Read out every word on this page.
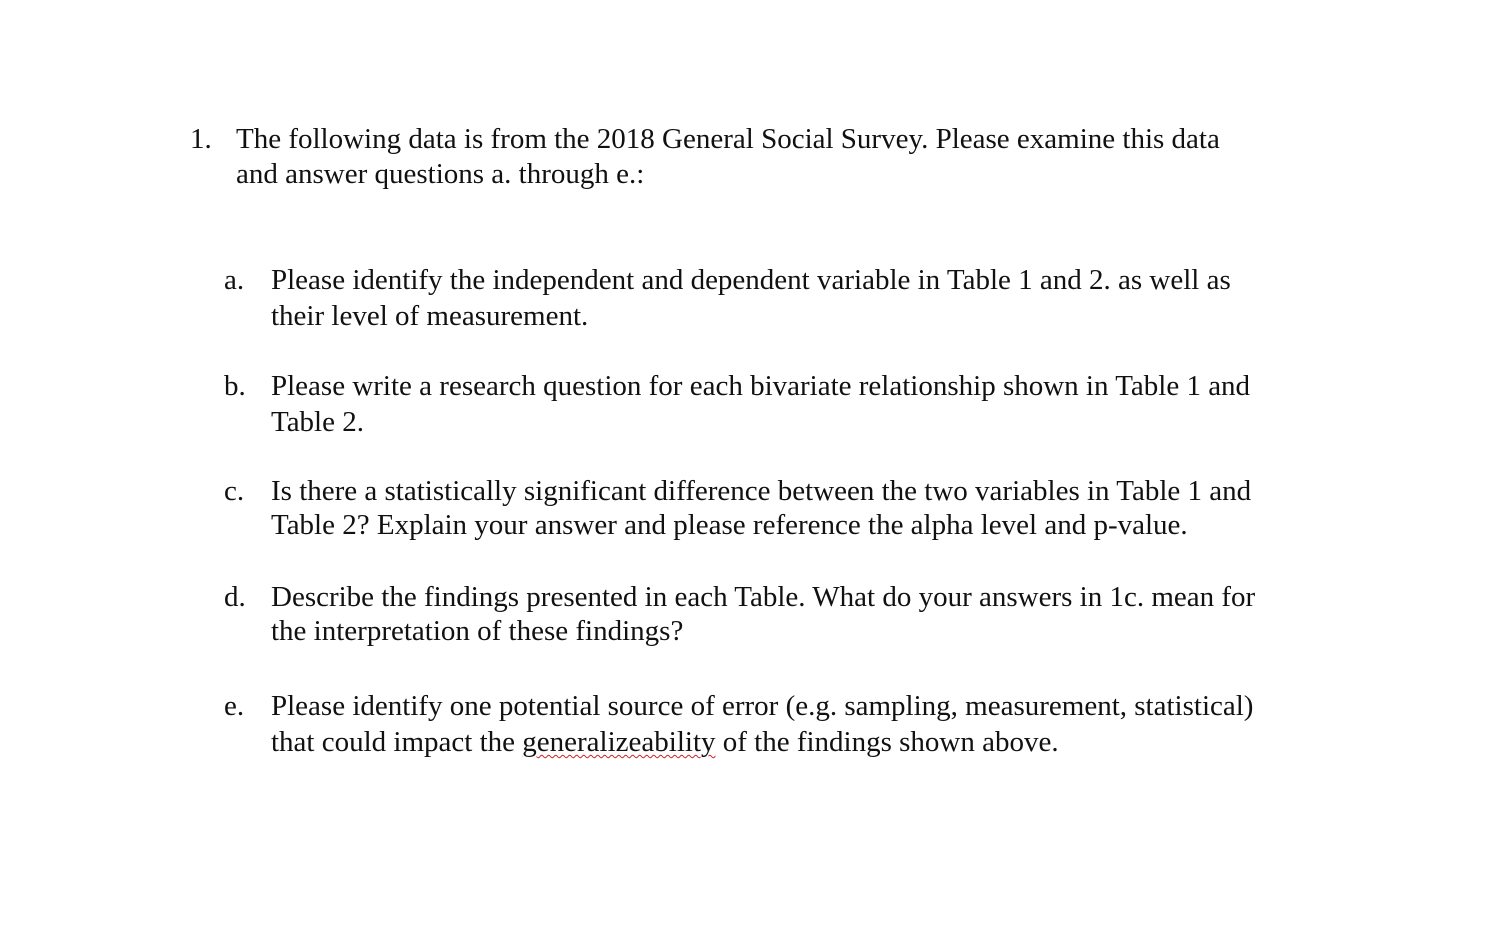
1. The following data is from the 2018 General Social Survey. Please examine this data
and answer questions a. through e.:
a. Please identify the independent and dependent variable in Table 1 and 2. as well as
their level of measurement.
b. Please write a research question for each bivariate relationship shown in Table 1 and
Table 2.
c. Is there a statistically significant difference between the two variables in Table 1 and
Table 2? Explain your answer and please reference the alpha level and p-value.
d. Describe the findings presented in each Table. What do your answers in 1c. mean for
the interpretation of these findings?
e. Please identify one potential source of error (e.g. sampling, measurement, statistical)
that could impact the generalizeability of the findings shown above.
